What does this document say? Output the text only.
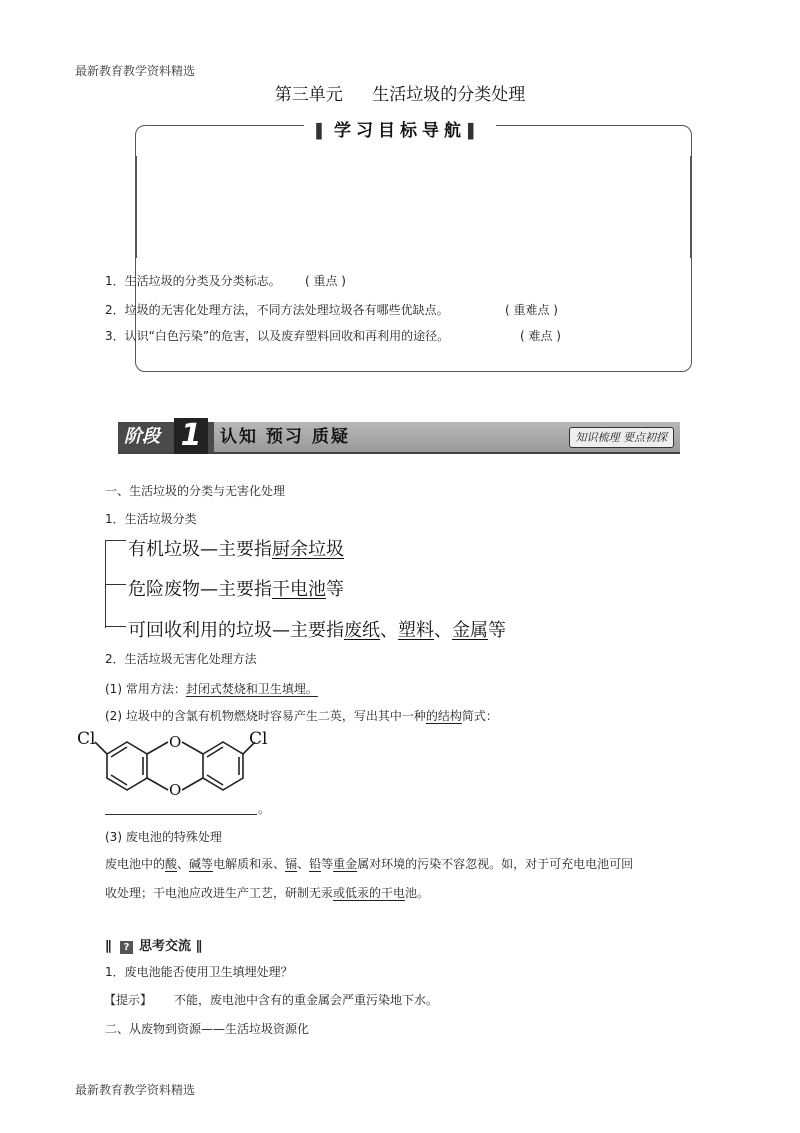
最新教育教学资料精选
第三单元 生活垃圾的分类处理
▌ 学习目标导航 ▌
1．生活垃圾的分类及分类标志。 ( 重点 )
2．垃圾的无害化处理方法，不同方法处理垃圾各有哪些优缺点。	( 重难点 )
3．认识“白色污染”的危害，以及废弃塑料回收和再利用的途径。	( 难点 )
阶段 1	认知 预习 质疑	知识梳理 要点初探
一、生活垃圾的分类与无害化处理
1．生活垃圾分类
有机垃圾—主要指厨余垃圾
危险废物—主要指干电池等
可回收利用的垃圾—主要指废纸、塑料、金属等
2．生活垃圾无害化处理方法
(1) 常用方法：封闭式焚烧和卫生填埋。
(2) 垃圾中的含氯有机物燃烧时容易产生二英，写出其中一种的结构简式：
Cl	Cl
O
O
。
(3) 废电池的特殊处理
废电池中的酸、碱等电解质和汞、镉、铅等重金属对环境的污染不容忽视。如，对于可充电电池可回
收处理；干电池应改进生产工艺，研制无汞或低汞的干电池。
∥ ? 思考交流 ∥
1．废电池能否使用卫生填埋处理？
【提示】 不能，废电池中含有的重金属会严重污染地下水。
二、从废物到资源——生活垃圾资源化
最新教育教学资料精选
